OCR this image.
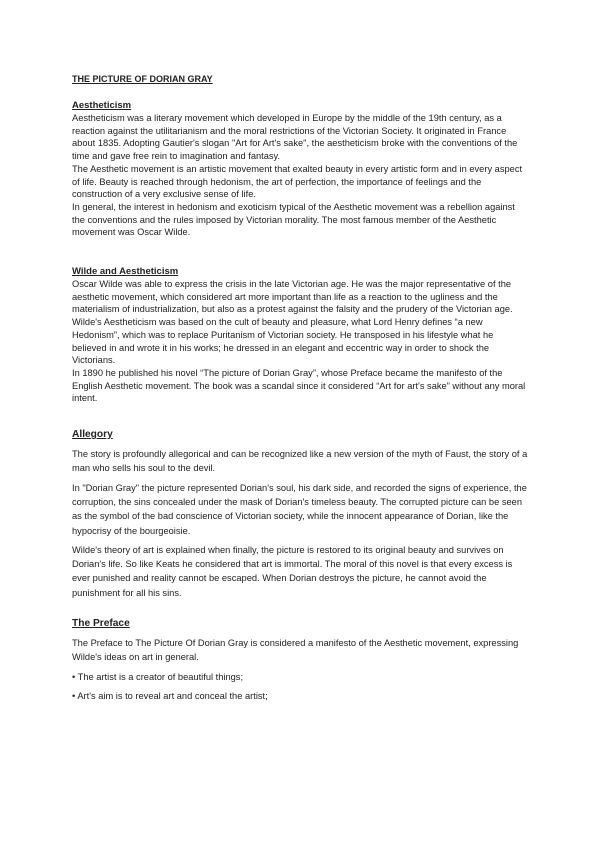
THE PICTURE OF DORIAN GRAY

Aestheticism

Aestheticism was a literary movement which developed in Europe by the middle of the 19th century, as a reaction against the utilitarianism and the moral restrictions of the Victorian Society. It originated in France about 1835. Adopting Gautier's slogan "Art for Art's sake", the aestheticism broke with the conventions of the time and gave free rein to imagination and fantasy.

The Aesthetic movement is an artistic movement that exalted beauty in every artistic form and in every aspect of life. Beauty is reached through hedonism, the art of perfection, the importance of feelings and the construction of a very exclusive sense of life.

In general, the interest in hedonism and exoticism typical of the Aesthetic movement was a rebellion against the conventions and the rules imposed by Victorian morality. The most famous member of the Aesthetic movement was Oscar Wilde.

Wilde and Aestheticism

Oscar Wilde was able to express the crisis in the late Victorian age. He was the major representative of the aesthetic movement, which considered art more important than life as a reaction to the ugliness and the materialism of industrialization, but also as a protest against the falsity and the prudery of the Victorian age.

Wilde's Aestheticism was based on the cult of beauty and pleasure, what Lord Henry defines “a new Hedonism”, which was to replace Puritanism of Victorian society. He transposed in his lifestyle what he believed in and wrote it in his works; he dressed in an elegant and eccentric way in order to shock the Victorians.

In 1890 he published his novel “The picture of Dorian Gray”, whose Preface became the manifesto of the English Aesthetic movement. The book was a scandal since it considered “Art for art's sake” without any moral intent.

Allegory

The story is profoundly allegorical and can be recognized like a new version of the myth of Faust, the story of a man who sells his soul to the devil.

In "Dorian Gray" the picture represented Dorian's soul, his dark side, and recorded the signs of experience, the corruption, the sins concealed under the mask of Dorian's timeless beauty. The corrupted picture can be seen as the symbol of the bad conscience of Victorian society, while the innocent appearance of Dorian, like the hypocrisy of the bourgeoisie.

Wilde's theory of art is explained when finally, the picture is restored to its original beauty and survives on Dorian's life. So like Keats he considered that art is immortal. The moral of this novel is that every excess is ever punished and reality cannot be escaped. When Dorian destroys the picture, he cannot avoid the punishment for all his sins.

The Preface

The Preface to The Picture Of Dorian Gray is considered a manifesto of the Aesthetic movement, expressing Wilde's ideas on art in general.

• The artist is a creator of beautiful things;

• Art's aim is to reveal art and conceal the artist;
